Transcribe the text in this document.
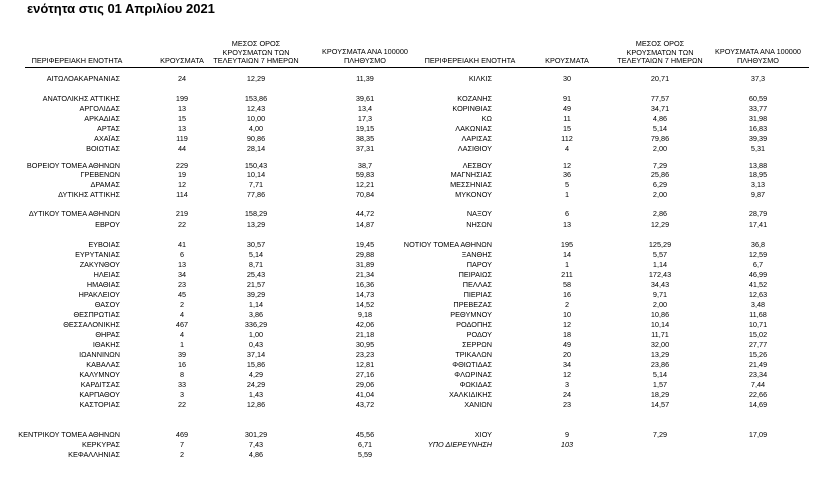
ενότητα στις 01 Απριλίου 2021
ΠΕΡΙΦΕΡΕΙΑΚΗ ΕΝΟΤΗΤΑ	ΚΡΟΥΣΜΑΤΑ
ΜΕΣΟΣ ΟΡΟΣ
ΚΡΟΥΣΜΑΤΩΝ ΤΩΝ
ΤΕΛΕΥΤΑΙΩΝ 7 ΗΜΕΡΩΝ
ΚΡΟΥΣΜΑΤΑ ΑΝΑ 100000
ΠΛΗΘΥΣΜΟ	ΠΕΡΙΦΕΡΕΙΑΚΗ ΕΝΟΤΗΤΑ	ΚΡΟΥΣΜΑΤΑ
ΜΕΣΟΣ ΟΡΟΣ
ΚΡΟΥΣΜΑΤΩΝ ΤΩΝ
ΤΕΛΕΥΤΑΙΩΝ 7 ΗΜΕΡΩΝ
ΚΡΟΥΣΜΑΤΑ ΑΝΑ 100000
ΠΛΗΘΥΣΜΟ
ΑΙΤΩΛΟΑΚΑΡΝΑΝΙΑΣ	24	12,29	11,39
ΑΝΑΤΟΛΙΚΗΣ ΑΤΤΙΚΗΣ	199	153,86	39,61
ΑΡΓΟΛΙΔΑΣ	13	12,43	13,4
ΑΡΚΑΔΙΑΣ	15	10,00	17,3
ΑΡΤΑΣ	13	4,00	19,15
ΑΧΑΪΑΣ	119	90,86	38,35
ΒΟΙΩΤΙΑΣ	44	28,14	37,31
ΒΟΡΕΙΟΥ ΤΟΜΕΑ ΑΘΗΝΩΝ	229	150,43	38,7
ΓΡΕΒΕΝΩΝ	19	10,14	59,83
ΔΡΑΜΑΣ	12	7,71	12,21
ΔΥΤΙΚΗΣ ΑΤΤΙΚΗΣ	114	77,86	70,84
ΔΥΤΙΚΟΥ ΤΟΜΕΑ ΑΘΗΝΩΝ	219	158,29	44,72
ΕΒΡΟΥ	22	13,29	14,87
ΕΥΒΟΙΑΣ	41	30,57	19,45
ΕΥΡΥΤΑΝΙΑΣ	6	5,14	29,88
ΖΑΚΥΝΘΟΥ	13	8,71	31,89
ΗΛΕΙΑΣ	34	25,43	21,34
ΗΜΑΘΙΑΣ	23	21,57	16,36
ΗΡΑΚΛΕΙΟΥ	45	39,29	14,73
ΘΑΣΟΥ	2	1,14	14,52
ΘΕΣΠΡΩΤΙΑΣ	4	3,86	9,18
ΘΕΣΣΑΛΟΝΙΚΗΣ	467	336,29	42,06
ΘΗΡΑΣ	4	1,00	21,18
ΙΘΑΚΗΣ	1	0,43	30,95
ΙΩΑΝΝΙΝΩΝ	39	37,14	23,23
ΚΑΒΑΛΑΣ	16	15,86	12,81
ΚΑΛΥΜΝΟΥ	8	4,29	27,16
ΚΑΡΔΙΤΣΑΣ	33	24,29	29,06
ΚΑΡΠΑΘΟΥ	3	1,43	41,04
ΚΑΣΤΟΡΙΑΣ	22	12,86	43,72
ΚΕΝΤΡΙΚΟΥ ΤΟΜΕΑ ΑΘΗΝΩΝ	469	301,29	45,56
ΚΕΡΚΥΡΑΣ	7	7,43	6,71
ΚΕΦΑΛΛΗΝΙΑΣ	2	4,86	5,59
ΚΙΛΚΙΣ	30	20,71	37,3
ΚΟΖΑΝΗΣ	91	77,57	60,59
ΚΟΡΙΝΘΙΑΣ	49	34,71	33,77
ΚΩ	11	4,86	31,98
ΛΑΚΩΝΙΑΣ	15	5,14	16,83
ΛΑΡΙΣΑΣ	112	79,86	39,39
ΛΑΣΙΘΙΟΥ	4	2,00	5,31
ΛΕΣΒΟΥ	12	7,29	13,88
ΜΑΓΝΗΣΙΑΣ	36	25,86	18,95
ΜΕΣΣΗΝΙΑΣ	5	6,29	3,13
ΜΥΚΟΝΟΥ	1	2,00	9,87
ΝΑΞΟΥ	6	2,86	28,79
ΝΗΣΩΝ	13	12,29	17,41
ΝΟΤΙΟΥ ΤΟΜΕΑ ΑΘΗΝΩΝ	195	125,29	36,8
ΞΑΝΘΗΣ	14	5,57	12,59
ΠΑΡΟΥ	1	1,14	6,7
ΠΕΙΡΑΙΩΣ	211	172,43	46,99
ΠΕΛΛΑΣ	58	34,43	41,52
ΠΙΕΡΙΑΣ	16	9,71	12,63
ΠΡΕΒΕΖΑΣ	2	2,00	3,48
ΡΕΘΥΜΝΟΥ	10	10,86	11,68
ΡΟΔΟΠΗΣ	12	10,14	10,71
ΡΟΔΟΥ	18	11,71	15,02
ΣΕΡΡΩΝ	49	32,00	27,77
ΤΡΙΚΑΛΩΝ	20	13,29	15,26
ΦΘΙΩΤΙΔΑΣ	34	23,86	21,49
ΦΛΩΡΙΝΑΣ	12	5,14	23,34
ΦΩΚΙΔΑΣ	3	1,57	7,44
ΧΑΛΚΙΔΙΚΗΣ	24	18,29	22,66
ΧΑΝΙΩΝ	23	14,57	14,69
ΧΙΟΥ	9	7,29	17,09
ΥΠΟ ΔΙΕΡΕΥΝΗΣΗ	103
